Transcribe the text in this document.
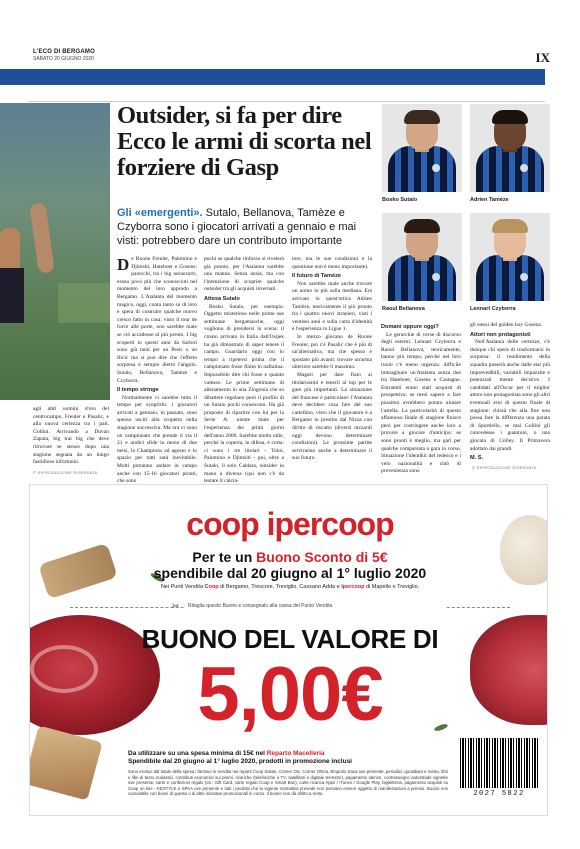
L'ECO DI BERGAMO
SABATO 20 GIUGNO 2020	IX
Outsider, si fa per dire Ecco le armi di scorta nel forziere di Gasp
Gli «emergenti». Sutalo, Bellanova, Tamèze e Czyborra sono i giocatori arrivati a gennaio e mai visti: potrebbero dare un contributo importante

agli altri uomini d'oro del centrocampo, Freuler e Pasalic, e alla nuova certezza tra i pali, Gollini. Arrivando a Duvan Zapata, big trai big che deve ritrovare se stesso dopo una stagione segnata da un lungo fastidioso infortunio.

© RIPRODUZIONE RISERVATA

De Roone Freuler, Palomino e Djimsiti, Hateboer e Gosens: parecchi, tra i big nerazzurri, erano poco più che sconosciuti nel momento del loro approdo a Bergamo. L'Atalanta del momento magico, oggi, conta tanto su di loro e spera di costruire qualche nuovo cresco fatto in casa: visto il tour de force alle porte, non sarebbe male se ciò accadesse al più presto. I big scoperti in questi anni da Sartori sono già tanti per un Pesic o un Ilicic ma si può dire che l'effetto sorpresa è sempre dietro l'angolo. Sutalo, Bellanova, Tamèze e Czyborra.

Il tempo stringe

Normalmente ci sarebbe tutto il tempo per scoprirlo: i giocatori arrivati a gennaio, in passato, sono spesso usciti allo scoperto nella stagione successiva. Ma ora ci sono un campionato che prende il via il 21 e undici sfide in meno di due mesi, la Champions ad agosto e lo spazio per tutti sarà inevitabile. Molti potranno andare in campo anche con 15-16 giocatori pronti, che sono

pochi se qualche rinforzo si rivelerà già pronto, per l'Atalanta sarebbe una manna. Senza ansia, ma con l'intenzione di scoprire qualche outsider tra gli acquisti invernali.

Attesa Sutalo

Bosko Sutalo, per esempio. Oggetto misterioso nelle prime sue settimane bergamasche, oggi vogliono di prendersi la scena: il croato arrivato in Italia dall'Osijek ha già dimostrato di saper tenere il campo. Guardarlo oggi con lo tempo a ripetersi prima che il campionato fosse finito in naftalina. Impossibile dire chi fosse e quanto valesse. Le prime settimane di allenamento in una Zingonia che so dibattere regolano però il profilo di un Sutalo pochi conoscono. Ha già proposto di ripartire con lui per la Serie A: niente male per l'esperienza dei primi giorni dell'anno 2000. Sarebbe molto utile, perché la coperta, in difesa, è corta: ci sono i tre titolari - Toloi, Palomino e Djimsiti - poi, oltre a Sutalo, il solo Caldara, outsider in mano a diversa (qui non c'è da testare il calcia-

tore, ma le sue condizioni e la questione non è meno importante).

Il futuro di Tamèze

Non sarebbe male anche trovare un uomo in più sulla mediana. Era arrivato in quest'ottica Adrien Tamèze, teoricamente il più pronto tra i quattro nuovi stranieri, visti i ventisei anni e sulla carta d'identità e l'esperienza in Ligue 1.

In mezzo giocano de Roone Freuler, poi c'è Pasalic che è più di un'alternativa, ma che spesso è spostato più avanti: trovare un'arma ulteriore sarebbe il massimo.

Magari per dare fiato ai titolarissimi e tenerli al top per le gare più importanti. La situazione del francese è particolare: l'Atalanta deve decidere cosa fare del suo cartellino, visto che il giocatore è a Bergamo in prestito dal Nizza con diritto di riscatto (diversi nizzardi oggi devono determinare condizioni). Le prossime partite serviranno anche a determinare il suo futuro.

Bosko Sutalo	Adrien Tamèze
Raoul Bellanova	Lennart Czyborra
Domani oppure oggi?

Le gerarchie di verse di discorso degli esterni. Lennart Czyborra e Raoul Bellanova, teoricamente, hanno più tempo, perché nel loro ruolo c'è meno urgenza: difficile immaginare un'Atalanta senza due tra Hateboer, Gosens e Castagne. Entrambi erano stati acquisti di prospettiva: se mesi sapere a fare possimo avrebbero potuto aiutare l'astella. La particolarità di questo affannoso finale di stagione finisce però per costringere anche loro a provare a giocare d'anticipo: se sono pronti è meglio, ma gari per qualche comparsata a gara in corso. Situazione l'identikit del tedesco e i velo nazionalità e club di provenienza sono

gli stessi del golden boy Gosens.

Attori non protagonisti

Nell'Atalanta delle certezze, c'è dunque chi spera di trasformarsi in sorpresa: il rendimento della squadra passerà anche dalle star più imprevedibili, variabili impazzite e potenziali mente decisive. I candidati all'Oscar per il miglior attore non protagonista sono gli altri eventuali eroi di questo finale di stagione: chissà che alla fine non possa fare la differenza una parata di Sportiello, se mai Gollini gli concedesse i guantoni, o una giocata di Colley. Il Primavera adottato dai grandi.

M. S.
© RIPRODUZIONE RISERVATA
coop ipercoop
Per te un Buono Sconto di 5€
spendibile dal 20 giugno al 1° luglio 2020
Nei Punti Vendita Coop di Bergamo, Trescore, Treviglio, Cassano Adda e Ipercoop di Mapello e Treviglio.
✂	Ritaglia questo Buono e consegnalo alla cassa del Punto Vendita
BUONO DEL VALORE DI
5,00€
Da utilizzare su una spesa minima di 15€ nel Reparto Macelleria
Spendibile dal 20 giugno al 1° luglio 2020, prodotti in promozione inclusi
Sono esclusi dal totale della spesa i farmaci in vendita nei reparti Coop Salute, Corner Otc, Corner Ottica, Emporio Kasa ove presente, periodici, quotidiani e riviste, libri e libri di testo scolastici, contributi economici sui premi, ricariche (telefoniche e TV, satellitari e digitale terrestre), pagamento utenze, contrassegno autostrade vignette ove presente, carte e confezioni regalo (es.: Gift Card, carte regalo Coop e Smart Box), carte ricarica Apps / iTunes / Google Play, biglietteria, pagamento acquisti su Coop on line - KESTYLE e SPAA ove presente e tutti i prodotti che la vigente normativa prevede non possano essere oggetto di manifestazioni a premio. Buono non cumulabile con buoni di questa o di altre iniziative promozionali in corso. Il buono non dà diritto a resto.	2027 5822
